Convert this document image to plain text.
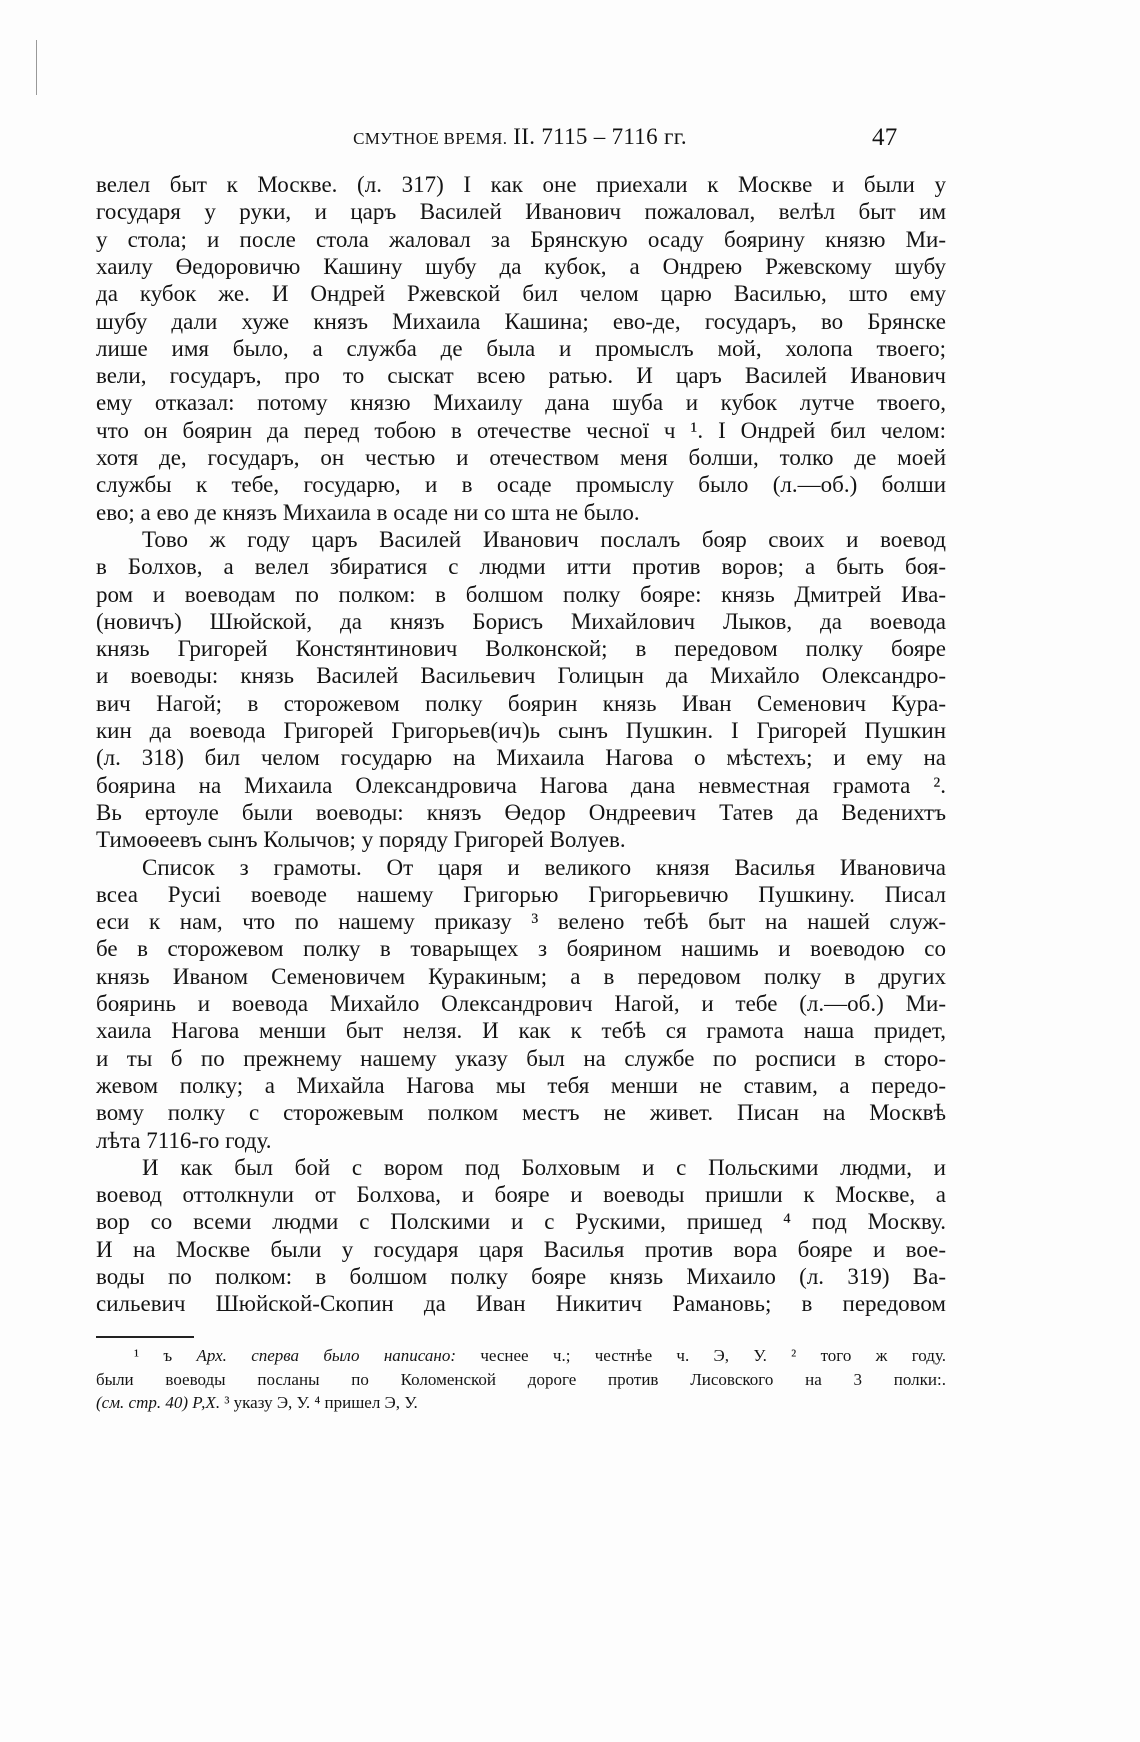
СМУТНОЕ ВРЕМЯ. II. 7115 – 7116 гг.	47
велел быт к Москве. (л. 317) I как оне приехали к Москве и были у
государя у руки, и царъ Василей Иванович пожаловал, велѣл быт им
у стола; и после стола жаловал за Брянскую осаду боярину князю Ми-
хаилу Өедоровичю Кашину шубу да кубок, а Ондрею Ржевскому шубу
да кубок же. И Ондрей Ржевской бил челом царю Василью, што ему
шубу дали хуже князъ Михаила Кашина; ево-де, государъ, во Брянске
лише имя было, а служба де была и промыслъ мой, холопа твоего;
вели, государъ, про то сыскат всею ратью. И царъ Василей Иванович
ему отказал: потому князю Михаилу дана шуба и кубок лутче твоего,
что он боярин да перед тобою в отечестве чеснoї ч ¹. I Ондрей бил челом:
хотя де, государъ, он честью и отечеством меня болши, толко де моей
службы к тебе, государю, и в осаде промыслу было (л.—об.) болши
ево; а ево де князъ Михаила в осаде ни со шта не было.
Тово ж году царъ Василей Иванович послалъ бояр своих и воевод
в Болхов, а велел збиратися с людми итти против воров; а быть боя-
ром и воеводам по полком: в болшом полку бояре: князь Дмитрей Ива-
(новичъ) Шюйской, да князъ Борисъ Михайлович Лыков, да воевода
князь Григорей Констянтинович Волконской; в передовом полку бояре
и воеводы: князь Василей Васильевич Голицын да Михайло Олександро-
вич Нагой; в сторожевом полку боярин князь Иван Семенович Кура-
кин да воевода Григорей Григорьев(ич)ь сынъ Пушкин. I Григорей Пушкин
(л. 318) бил челом государю на Михаила Нагова о мѣстехъ; и ему на
боярина на Михаила Олександровича Нагова дана невместная грамота ².
Вь ертоуле были воеводы: князъ Өедор Ондреевич Татев да Веденихтъ
Тимоөеевъ сынъ Колычов; у поряду Григорей Волуев.
Список з грамоты. От царя и великого князя Василья Ивановича
всеа Русиі воеводе нашему Григорью Григорьевичю Пушкину. Писал
еси к нам, что по нашему приказу ³ велено тебѣ быт на нашей служ-
бе в сторожевом полку в товарыщех з боярином нашимь и воеводою со
князь Иваном Семеновичем Куракиным; а в передовом полку в других
бояринь и воевода Михайло Олександрович Нагой, и тебе (л.—об.) Ми-
хаила Нагова менши быт нелзя. И как к тебѣ ся грамота наша придет,
и ты б по прежнему нашему указу был на службе по росписи в сторо-
жевом полку; а Михайла Нагова мы тебя менши не ставим, а передо-
вому полку с сторожевым полком местъ не живет. Писан на Москвѣ
лѣта 7116-го году.
И как был бой с вором под Болховым и с Польскими людми, и
воевод оттолкнули от Болхова, и бояре и воеводы пришли к Москве, а
вор со всеми людми с Полскими и с Рускими, пришед ⁴ под Москву.
И на Москве были у государя царя Василья против вора бояре и вое-
воды по полком: в болшом полку бояре князь Михаило (л. 319) Ва-
сильевич Шюйской-Скопин да Иван Никитич Рамановь; в передовом
¹ ъ Арх. сперва было написано: чеснее ч.; честнѣе ч. Э, У. ² того ж году.
были воеводы посланы по Коломенской дороге против Лисовского на 3 полки:.
(см. стр. 40) Р,Х. ³ указу Э, У. ⁴ пришел Э, У.
